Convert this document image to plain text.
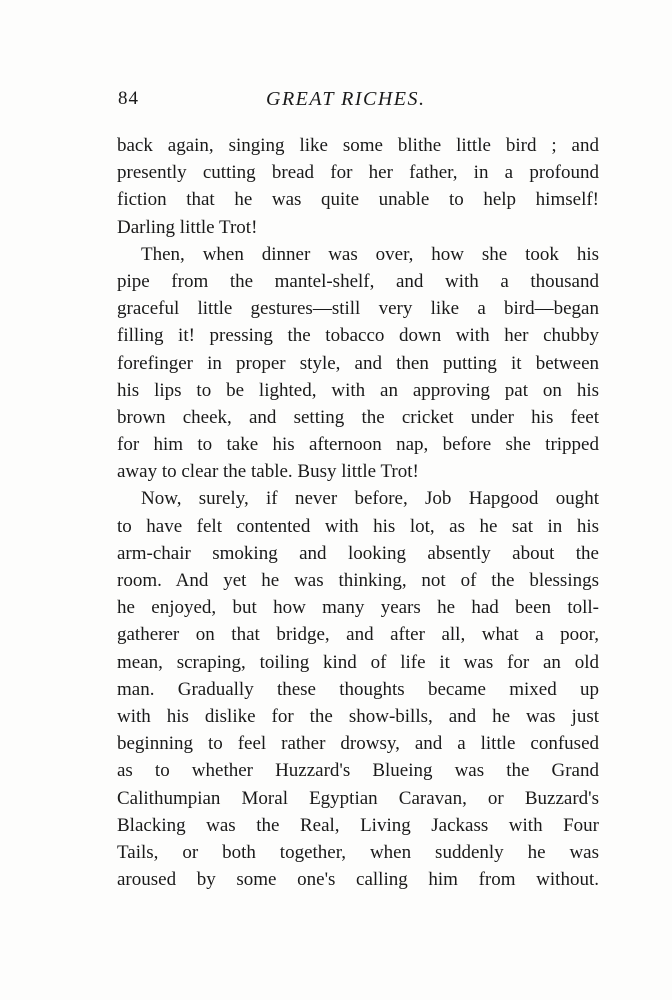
84	GREAT RICHES.
back again, singing like some blithe little bird ; and
presently cutting bread for her father, in a profound
fiction that he was quite unable to help himself!
Darling little Trot!
Then, when dinner was over, how she took his
pipe from the mantel-shelf, and with a thousand
graceful little gestures—still very like a bird—began
filling it! pressing the tobacco down with her chubby
forefinger in proper style, and then putting it between
his lips to be lighted, with an approving pat on his
brown cheek, and setting the cricket under his feet
for him to take his afternoon nap, before she tripped
away to clear the table. Busy little Trot!
Now, surely, if never before, Job Hapgood ought
to have felt contented with his lot, as he sat in his
arm-chair smoking and looking absently about the
room. And yet he was thinking, not of the blessings
he enjoyed, but how many years he had been toll-
gatherer on that bridge, and after all, what a poor,
mean, scraping, toiling kind of life it was for an old
man. Gradually these thoughts became mixed up
with his dislike for the show-bills, and he was just
beginning to feel rather drowsy, and a little confused
as to whether Huzzard's Blueing was the Grand
Calithumpian Moral Egyptian Caravan, or Buzzard's
Blacking was the Real, Living Jackass with Four
Tails, or both together, when suddenly he was
aroused by some one's calling him from without.
